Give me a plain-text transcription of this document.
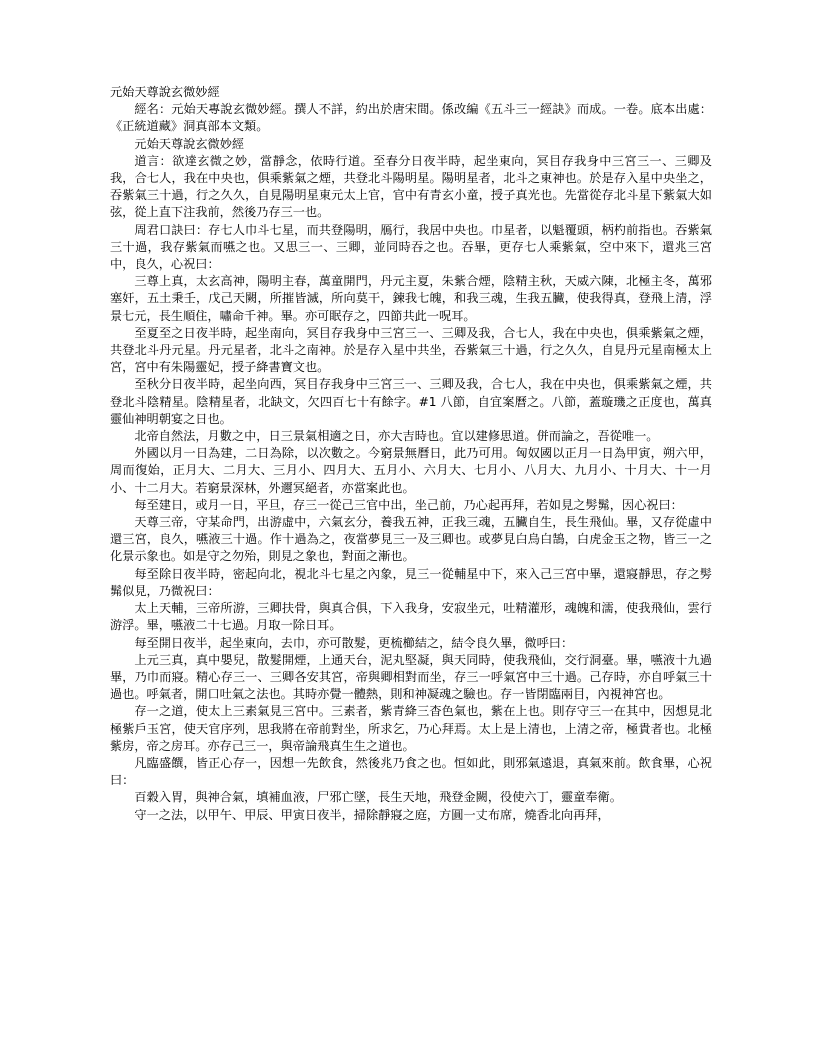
元始天尊說玄微妙經

經名：元始天專說玄微妙經。撰人不詳，約出於唐宋間。係改編《五斗三一經訣》而成。一卷。底本出處：《正統道藏》洞真部本文類。

元始天尊說玄微妙經

道言：欲達玄微之妙，當靜念，依時行道。至春分日夜半時，起坐東向，冥目存我身中三宮三一、三卿及我，合七人，我在中央也，俱乘紫氣之煙，共登北斗陽明星。陽明星者，北斗之東神也。於是存入星中央坐之，吞紫氣三十過，行之久久，自見陽明星東元太上官，官中有青玄小童，授子真光也。先當從存北斗星下紫氣大如弦，從上直下注我前，然後乃存三一也。

周君口訣曰：存七人巾斗七星，而共登陽明，鴈行，我居中央也。巾星者，以魁覆頭，柄杓前指也。吞紫氣三十過，我存紫氣而嚥之也。又思三一、三卿，並同時吞之也。吞畢，更存七人乘紫氣，空中來下，還兆三宮中，良久，心祝曰：

三尊上真，太玄高神，陽明主春，萬童開門，丹元主夏，朱紫合煙，陰精主秋，天威六陳，北極主冬，萬邪塞奸，五土秉壬，戊己天闕，所摧皆滅，所向莫干，鍊我七魄，和我三魂，生我五臟，使我得真，登飛上清，浮景七元，長生順住，嘯命千神。畢。亦可眠存之，四節共此一呪耳。

至夏至之日夜半時，起坐南向，冥目存我身中三宮三一、三卿及我，合七人，我在中央也，俱乘紫氣之煙，共登北斗丹元星。丹元星者，北斗之南神。於是存入星中共坐，吞紫氣三十過，行之久久，自見丹元星南極太上宮，宮中有朱陽靈妃，授子絳書寶文也。

至秋分日夜半時，起坐向西，冥目存我身中三宮三一、三卿及我，合七人，我在中央也，俱乘紫氣之煙，共登北斗陰精星。陰精星者，北缺文，欠四百七十有餘字。#1 八節，自宜案曆之。八節，蓋璇璣之正度也，萬真靈仙神明朝宴之日也。

北帝自然法，月數之中，日三景氣相適之日，亦大吉時也。宜以建修思道。併而論之，吾從唯一。

外國以月一日為建，二日為除，以次數之。今窮景無曆日，此乃可用。匈奴國以正月一日為甲寅，朔六甲，周而復始，正月大、二月大、三月小、四月大、五月小、六月大、七月小、八月大、九月小、十月大、十一月小、十二月大。若窮景深林，外邇冥絕者，亦當案此也。

每至建日，或月一日，平旦，存三一從己三官中出，坐己前，乃心起再拜，若如見之髣髴，因心祝曰：

天尊三帝，守某命門，出游虛中，六氣玄分，養我五神，正我三魂，五臟自生，長生飛仙。畢，又存從虛中還三宮，良久，嚥液三十過。作十過為之，夜當夢見三一及三卿也。或夢見白烏白鵠，白虎金玉之物，皆三一之化景示象也。如是守之勿殆，則見之象也，對面之漸也。

每至除日夜半時，密起向北，視北斗七星之內象，見三一從輔星中下，來入己三宮中畢，還寢靜思，存之髣髴似見，乃微祝曰：

太上天輔，三帝所游，三卿扶骨，與真合俱，下入我身，安寂坐元，吐精灌形，魂魄和濡，使我飛仙，雲行游浮。畢，嚥液二十七過。月取一除日耳。

每至開日夜半，起坐東向，去巾，亦可散髮，更梳櫛結之，結令良久畢，微呼曰：

上元三真，真中嬰兒，散髮開煙，上通天台，泥丸堅凝，與天同時，使我飛仙，交行洞臺。畢，嚥液十九過畢，乃巾而寢。精心存三一、三卿各安其宮，帝與卿相對而坐，存三一呼氣宮中三十過。己存時，亦自呼氣三十過也。呼氣者，開口吐氣之法也。其時亦覺一體熱，則和神凝魂之驗也。存一皆閉臨兩目，內視神宮也。

存一之道，使太上三素氣見三宮中。三素者，紫青絳三杳色氣也，紫在上也。則存守三一在其中，因想見北極紫戶玉宮，使天官序列，思我將在帝前對坐，所求乞，乃心拜焉。太上是上清也，上清之帝，極貴者也。北極紫房，帝之房耳。亦存己三一，與帝論飛真生生之道也。

凡臨盛饌，皆正心存一，因想一先飲食，然後兆乃食之也。恒如此，則邪氣遠退，真氣來前。飲食畢，心祝曰：

百穀入胃，與神合氣，填補血液，尸邪亡墜，長生天地，飛登金闕，役使六丁，靈童奉衛。

守一之法，以甲午、甲辰、甲寅日夜半，掃除靜寢之庭，方圓一丈布席，燒香北向再拜，
